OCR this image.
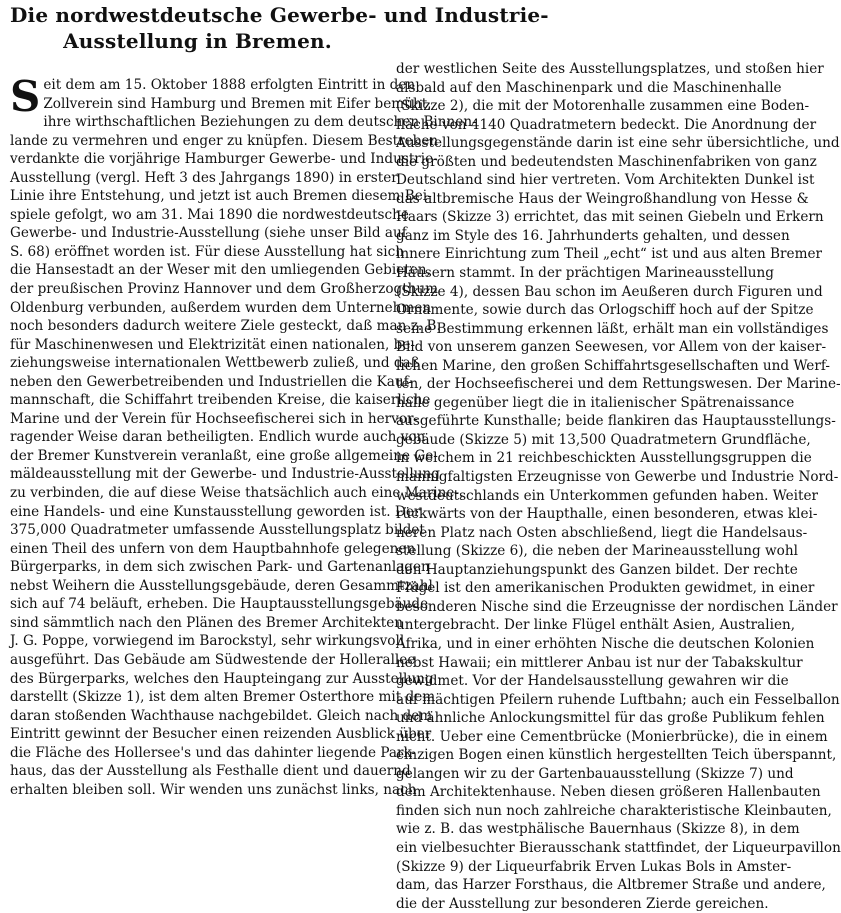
Die nordwestdeutsche Gewerbe- und Industrie-
Ausstellung in Bremen.
S eit dem am 15. Oktober 1888 erfolgten Eintritt in den
Zollverein sind Hamburg und Bremen mit Eifer bemüht,
ihre wirthschaftlichen Beziehungen zu dem deutschen Binnen-
lande zu vermehren und enger zu knüpfen. Diesem Bestreben
verdankte die vorjährige Hamburger Gewerbe- und Industrie-
Ausstellung (vergl. Heft 3 des Jahrgangs 1890) in erster
Linie ihre Entstehung, und jetzt ist auch Bremen diesem Bei-
spiele gefolgt, wo am 31. Mai 1890 die nordwestdeutsche
Gewerbe- und Industrie-Ausstellung (siehe unser Bild auf
S. 68) eröffnet worden ist. Für diese Ausstellung hat sich
die Hansestadt an der Weser mit den umliegenden Gebieten,
der preußischen Provinz Hannover und dem Großherzogthum
Oldenburg verbunden, außerdem wurden dem Unternehmen
noch besonders dadurch weitere Ziele gesteckt, daß man z. B.
für Maschinenwesen und Elektrizität einen nationalen, be-
ziehungsweise internationalen Wettbewerb zuließ, und daß
neben den Gewerbetreibenden und Industriellen die Kauf-
mannschaft, die Schiffahrt treibenden Kreise, die kaiserliche
Marine und der Verein für Hochseefischerei sich in hervor-
ragender Weise daran betheiligten. Endlich wurde auch von
der Bremer Kunstverein veranlaßt, eine große allgemeine Ge-
mäldeausstellung mit der Gewerbe- und Industrie-Ausstellung
zu verbinden, die auf diese Weise thatsächlich auch eine Marine-,
eine Handels- und eine Kunstausstellung geworden ist. Der
375,000 Quadratmeter umfassende Ausstellungsplatz bildet
einen Theil des unfern von dem Hauptbahnhofe gelegenen
Bürgerparks, in dem sich zwischen Park- und Gartenanlagen
nebst Weihern die Ausstellungsgebäude, deren Gesammtzahl
sich auf 74 beläuft, erheben. Die Hauptausstellungsgebäude
sind sämmtlich nach den Plänen des Bremer Architekten
J. G. Poppe, vorwiegend im Barockstyl, sehr wirkungsvoll
ausgeführt. Das Gebäude am Südwestende der Hollerallee
des Bürgerparks, welches den Haupteingang zur Ausstellung
darstellt (Skizze 1), ist dem alten Bremer Osterthore mit dem
daran stoßenden Wachthause nachgebildet. Gleich nach dem
Eintritt gewinnt der Besucher einen reizenden Ausblick über
die Fläche des Hollersee's und das dahinter liegende Park-
haus, das der Ausstellung als Festhalle dient und dauernd
erhalten bleiben soll. Wir wenden uns zunächst links, nach
der westlichen Seite des Ausstellungsplatzes, und stoßen hier
alsbald auf den Maschinenpark und die Maschinenhalle
(Skizze 2), die mit der Motorenhalle zusammen eine Boden-
fläche von 4140 Quadratmetern bedeckt. Die Anordnung der
Ausstellungsgegenstände darin ist eine sehr übersichtliche, und
die größten und bedeutendsten Maschinenfabriken von ganz
Deutschland sind hier vertreten. Vom Architekten Dunkel ist
das altbremische Haus der Weingroßhandlung von Hesse &
Haars (Skizze 3) errichtet, das mit seinen Giebeln und Erkern
ganz im Style des 16. Jahrhunderts gehalten, und dessen
innere Einrichtung zum Theil „echt“ ist und aus alten Bremer
Häusern stammt. In der prächtigen Marineausstellung
(Skizze 4), dessen Bau schon im Aeußeren durch Figuren und
Ornamente, sowie durch das Orlogschiff hoch auf der Spitze
seine Bestimmung erkennen läßt, erhält man ein vollständiges
Bild von unserem ganzen Seewesen, vor Allem von der kaiser-
lichen Marine, den großen Schiffahrtsgesellschaften und Werf-
ten, der Hochseefischerei und dem Rettungswesen. Der Marine-
halle gegenüber liegt die in italienischer Spätrenaissance
ausgeführte Kunsthalle; beide flankiren das Hauptausstellungs-
gebäude (Skizze 5) mit 13,500 Quadratmetern Grundfläche,
in welchem in 21 reichbeschickten Ausstellungsgruppen die
mannigfaltigsten Erzeugnisse von Gewerbe und Industrie Nord-
westdeutschlands ein Unterkommen gefunden haben. Weiter
rückwärts von der Haupthalle, einen besonderen, etwas klei-
neren Platz nach Osten abschließend, liegt die Handelsaus-
stellung (Skizze 6), die neben der Marineausstellung wohl
den Hauptanziehungspunkt des Ganzen bildet. Der rechte
Flügel ist den amerikanischen Produkten gewidmet, in einer
besonderen Nische sind die Erzeugnisse der nordischen Länder
untergebracht. Der linke Flügel enthält Asien, Australien,
Afrika, und in einer erhöhten Nische die deutschen Kolonien
nebst Hawaii; ein mittlerer Anbau ist nur der Tabakskultur
gewidmet. Vor der Handelsausstellung gewahren wir die
auf mächtigen Pfeilern ruhende Luftbahn; auch ein Fesselballon
und ähnliche Anlockungsmittel für das große Publikum fehlen
nicht. Ueber eine Cementbrücke (Monierbrücke), die in einem
einzigen Bogen einen künstlich hergestellten Teich überspannt,
gelangen wir zu der Gartenbauausstellung (Skizze 7) und
dem Architektenhause. Neben diesen größeren Hallenbauten
finden sich nun noch zahlreiche charakteristische Kleinbauten,
wie z. B. das westphälische Bauernhaus (Skizze 8), in dem
ein vielbesuchter Bierausschank stattfindet, der Liqueurpavillon
(Skizze 9) der Liqueurfabrik Erven Lukas Bols in Amster-
dam, das Harzer Forsthaus, die Altbremer Straße und andere,
die der Ausstellung zur besonderen Zierde gereichen.
